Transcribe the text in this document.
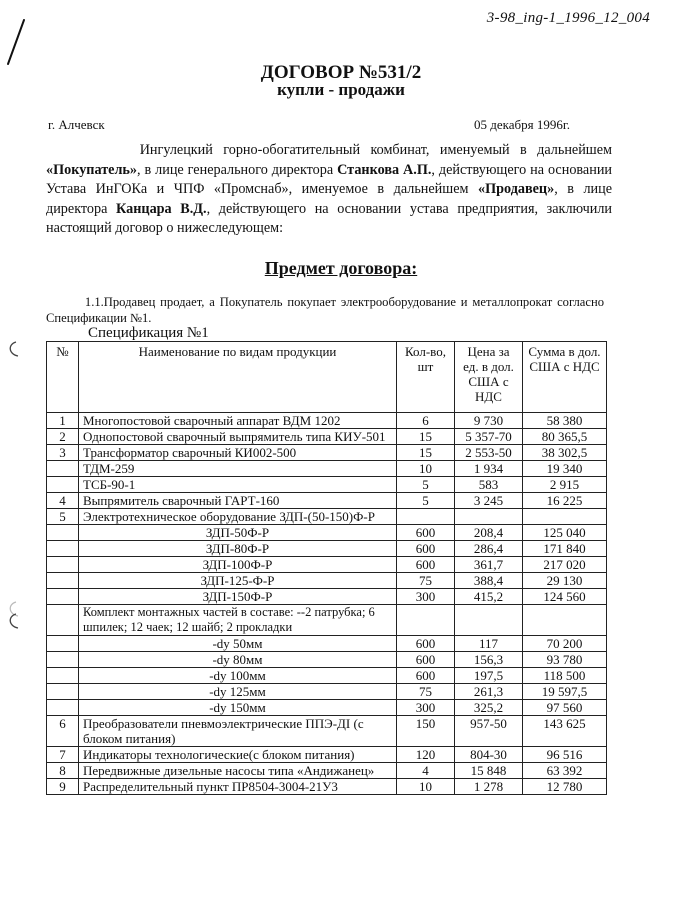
3-98_ing-1_1996_12_004
ДОГОВОР №531/2
купли - продажи
г. Алчевск	05 декабря 1996г.

Ингулецкий горно-обогатительный комбинат, именуемый в дальнейшем «Покупатель», в лице генерального директора Станкова А.П., действующего на основании Устава ИнГОКа и ЧПФ «Промснаб», именуемое в дальнейшем «Продавец», в лице директора Канцара В.Д., действующего на основании устава предприятия, заключили настоящий договор о нижеследующем:

Предмет договора:

1.1.Продавец продает, а Покупатель покупает электрооборудование и металлопрокат согласно Спецификации №1.

Спецификация №1
№	Наименование по видам продукции	Кол-во, шт	Цена за ед. в дол. США с НДС	Сумма в дол. США с НДС
1	Многопостовой сварочный аппарат ВДМ 1202	6	9 730	58 380
2	Однопостовой сварочный выпрямитель типа КИУ-501	15	5 357-70	80 365,5
3	Трансформатор сварочный КИ002-500	15	2 553-50	38 302,5
	ТДМ-259	10	1 934	19 340
	ТСБ-90-1	5	583	2 915
4	Выпрямитель сварочный ГАРТ-160	5	3 245	16 225
5	Электротехническое оборудование ЗДП-(50-150)Ф-Р			
	ЗДП-50Ф-Р	600	208,4	125 040
	ЗДП-80Ф-Р	600	286,4	171 840
	ЗДП-100Ф-Р	600	361,7	217 020
	ЗДП-125-Ф-Р	75	388,4	29 130
	ЗДП-150Ф-Р	300	415,2	124 560
	Комплект монтажных частей в составе: --2 патрубка; 6 шпилек; 12 чаек; 12 шайб; 2 прокладки			
	-dy 50мм	600	117	70 200
	-dy 80мм	600	156,3	93 780
	-dy 100мм	600	197,5	118 500
	-dy 125мм	75	261,3	19 597,5
	-dy 150мм	300	325,2	97 560
6	Преобразователи пневмоэлектрические ППЭ-ДI (с блоком питания)	150	957-50	143 625
7	Индикаторы технологические(с блоком питания)	120	804-30	96 516
8	Передвижные дизельные насосы типа «Андижанец»	4	15 848	63 392
9	Распределительный пункт ПР8504-3004-21У3	10	1 278	12 780
